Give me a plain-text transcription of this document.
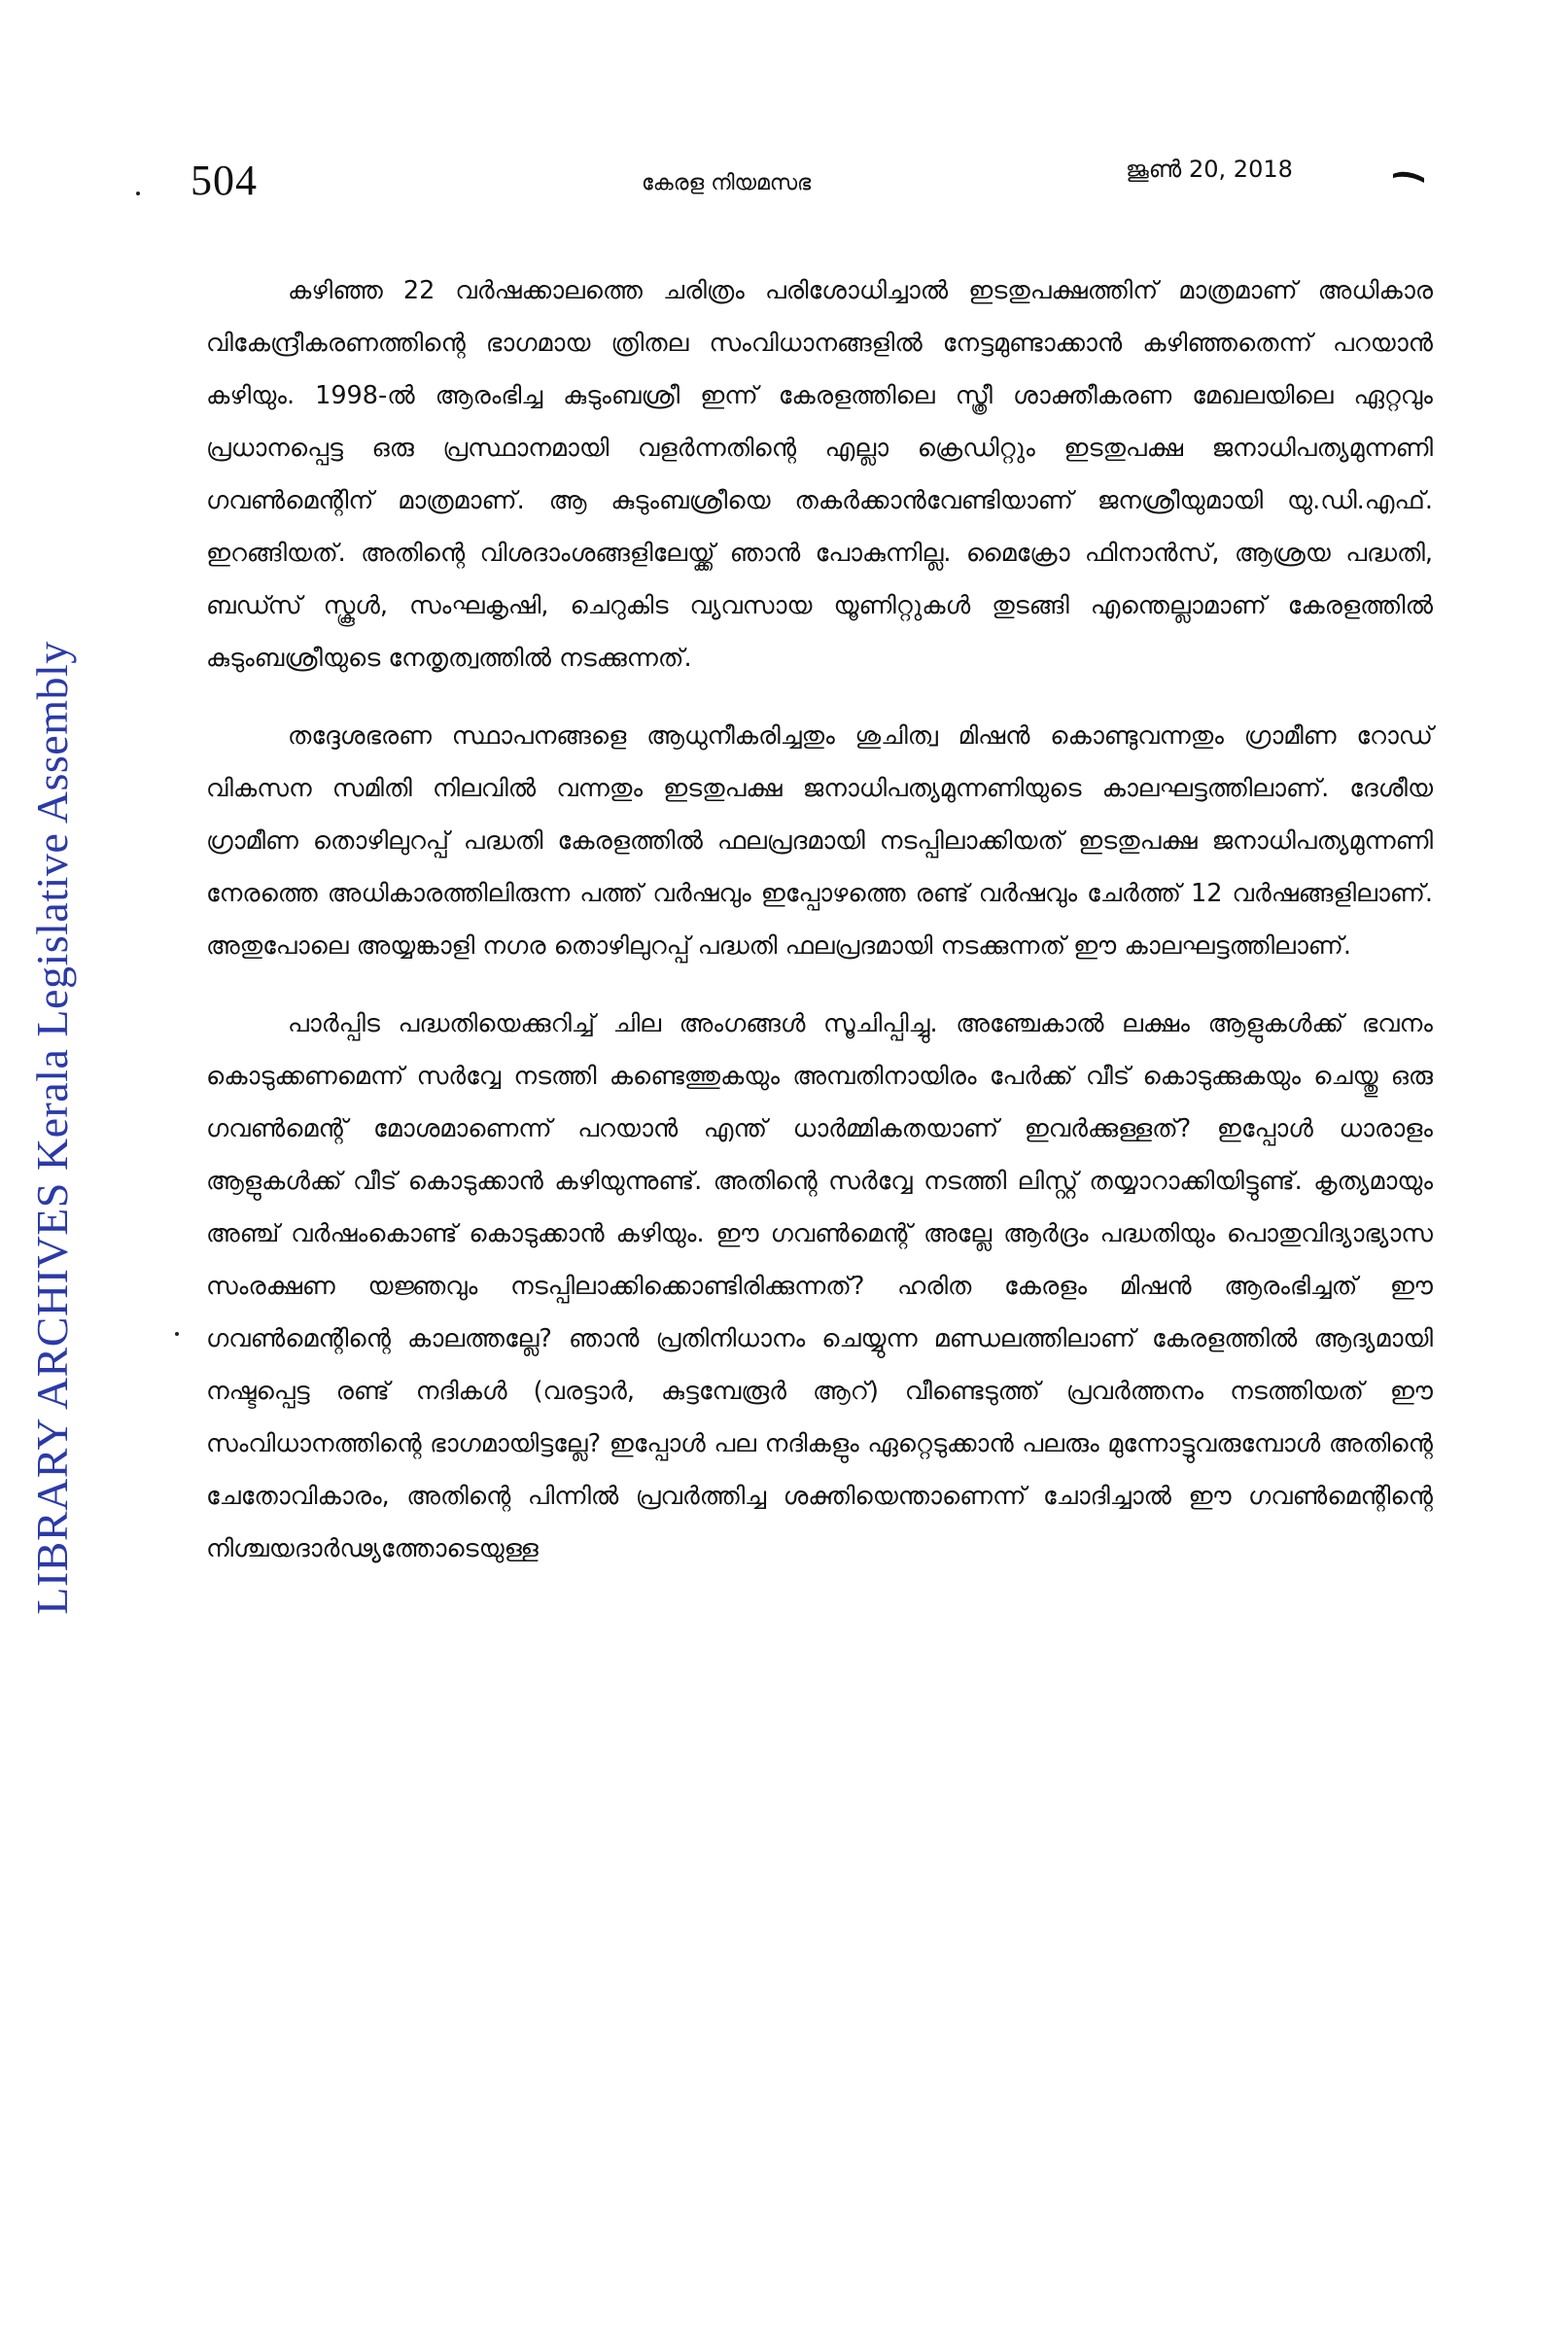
504	കേരള നിയമസഭ
ജൂൺ 20, 2018
LIBRARY ARCHIVES Kerala Legislative Assembly

കഴിഞ്ഞ 22 വർഷക്കാലത്തെ ചരിത്രം പരിശോധിച്ചാൽ ഇടതുപക്ഷത്തിന് മാത്രമാണ് അധികാര വികേന്ദ്രീകരണത്തിന്റെ ഭാഗമായ ത്രിതല സംവിധാനങ്ങളിൽ നേട്ടമുണ്ടാക്കാൻ കഴിഞ്ഞതെന്ന് പറയാൻ കഴിയും. 1998-ൽ ആരംഭിച്ച കുടുംബശ്രീ ഇന്ന് കേരളത്തിലെ സ്ത്രീ ശാക്തീകരണ മേഖലയിലെ ഏറ്റവും പ്രധാനപ്പെട്ട ഒരു പ്രസ്ഥാനമായി വളർന്നതിന്റെ എല്ലാ ക്രെഡിറ്റും ഇടതുപക്ഷ ജനാധിപത്യമുന്നണി ഗവൺമെന്റിന് മാത്രമാണ്. ആ കുടുംബശ്രീയെ തകർക്കാൻവേണ്ടിയാണ് ജനശ്രീയുമായി യു.ഡി.എഫ്. ഇറങ്ങിയത്. അതിന്റെ വിശദാംശങ്ങളിലേയ്ക്ക് ഞാൻ പോകുന്നില്ല. മൈക്രോ ഫിനാൻസ്, ആശ്രയ പദ്ധതി, ബഡ്സ് സ്കൂൾ, സംഘകൃഷി, ചെറുകിട വ്യവസായ യൂണിറ്റുകൾ തുടങ്ങി എന്തെല്ലാമാണ് കേരളത്തിൽ കുടുംബശ്രീയുടെ നേതൃത്വത്തിൽ നടക്കുന്നത്.

തദ്ദേശഭരണ സ്ഥാപനങ്ങളെ ആധുനീകരിച്ചതും ശുചിത്വ മിഷൻ കൊണ്ടുവന്നതും ഗ്രാമീണ റോഡ് വികസന സമിതി നിലവിൽ വന്നതും ഇടതുപക്ഷ ജനാധിപത്യമുന്നണിയുടെ കാലഘട്ടത്തിലാണ്. ദേശീയ ഗ്രാമീണ തൊഴിലുറപ്പ് പദ്ധതി കേരളത്തിൽ ഫലപ്രദമായി നടപ്പിലാക്കിയത് ഇടതുപക്ഷ ജനാധിപത്യമുന്നണി നേരത്തെ അധികാരത്തിലിരുന്ന പത്ത് വർഷവും ഇപ്പോഴത്തെ രണ്ട് വർഷവും ചേർത്ത് 12 വർഷങ്ങളിലാണ്. അതുപോലെ അയ്യങ്കാളി നഗര തൊഴിലുറപ്പ് പദ്ധതി ഫലപ്രദമായി നടക്കുന്നത് ഈ കാലഘട്ടത്തിലാണ്.

പാർപ്പിട പദ്ധതിയെക്കുറിച്ച് ചില അംഗങ്ങൾ സൂചിപ്പിച്ചു. അഞ്ചേകാൽ ലക്ഷം ആളുകൾക്ക് ഭവനം കൊടുക്കണമെന്ന് സർവ്വേ നടത്തി കണ്ടെത്തുകയും അമ്പതിനായിരം പേർക്ക് വീട് കൊടുക്കുകയും ചെയ്തു ഒരു ഗവൺമെന്റ് മോശമാണെന്ന് പറയാൻ എന്ത് ധാർമ്മികതയാണ് ഇവർക്കുള്ളത്? ഇപ്പോൾ ധാരാളം ആളുകൾക്ക് വീട് കൊടുക്കാൻ കഴിയുന്നുണ്ട്. അതിന്റെ സർവ്വേ നടത്തി ലിസ്റ്റ് തയ്യാറാക്കിയിട്ടുണ്ട്. കൃത്യമായും അഞ്ച് വർഷംകൊണ്ട് കൊടുക്കാൻ കഴിയും. ഈ ഗവൺമെന്റ് അല്ലേ ആർദ്രം പദ്ധതിയും പൊതുവിദ്യാഭ്യാസ സംരക്ഷണ യജ്ഞവും നടപ്പിലാക്കിക്കൊണ്ടിരിക്കുന്നത്? ഹരിത കേരളം മിഷൻ ആരംഭിച്ചത് ഈ ഗവൺമെന്റിന്റെ കാലത്തല്ലേ? ഞാൻ പ്രതിനിധാനം ചെയ്യുന്ന മണ്ഡലത്തിലാണ് കേരളത്തിൽ ആദ്യമായി നഷ്ടപ്പെട്ട രണ്ട് നദികൾ (വരട്ടാർ, കുട്ടമ്പേരൂർ ആറ്) വീണ്ടെടുത്ത് പ്രവർത്തനം നടത്തിയത് ഈ സംവിധാനത്തിന്റെ ഭാഗമായിട്ടല്ലേ? ഇപ്പോൾ പല നദികളും ഏറ്റെടുക്കാൻ പലരും മുന്നോട്ടുവരുമ്പോൾ അതിന്റെ ചേതോവികാരം, അതിന്റെ പിന്നിൽ പ്രവർത്തിച്ച ശക്തിയെന്താണെന്ന് ചോദിച്ചാൽ ഈ ഗവൺമെന്റിന്റെ നിശ്ചയദാർഢ്യത്തോടെയുള്ള
